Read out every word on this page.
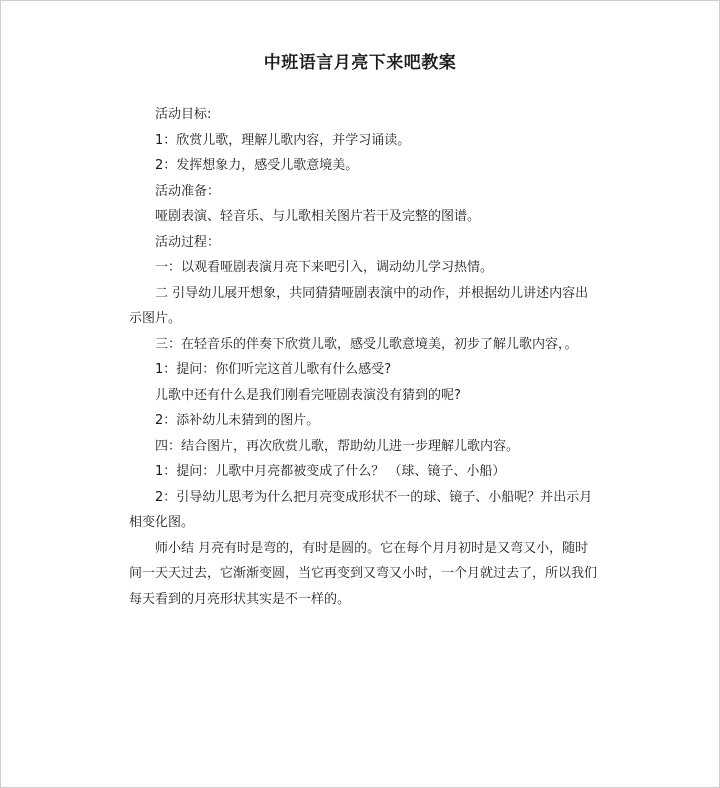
中班语言月亮下来吧教案

活动目标:

1：欣赏儿歌，理解儿歌内容，并学习诵读。

2：发挥想象力，感受儿歌意境美。

活动准备：

哑剧表演、轻音乐、与儿歌相关图片若干及完整的图谱。

活动过程：

一：以观看哑剧表演月亮下来吧引入，调动幼儿学习热情。

二 引导幼儿展开想象，共同猜猜哑剧表演中的动作，并根据幼儿讲述内容出示图片。

三：在轻音乐的伴奏下欣赏儿歌，感受儿歌意境美，初步了解儿歌内容，。

1：提问：你们听完这首儿歌有什么感受?

儿歌中还有什么是我们刚看完哑剧表演没有猜到的呢?

2：添补幼儿未猜到的图片。

四：结合图片，再次欣赏儿歌，帮助幼儿进一步理解儿歌内容。

1：提问：儿歌中月亮都被变成了什么？ （球、镜子、小船）

2：引导幼儿思考为什么把月亮变成形状不一的球、镜子、小船呢？并出示月相变化图。

师小结 月亮有时是弯的，有时是圆的。它在每个月月初时是又弯又小，随时间一天天过去，它渐渐变圆，当它再变到又弯又小时，一个月就过去了，所以我们每天看到的月亮形状其实是不一样的。
